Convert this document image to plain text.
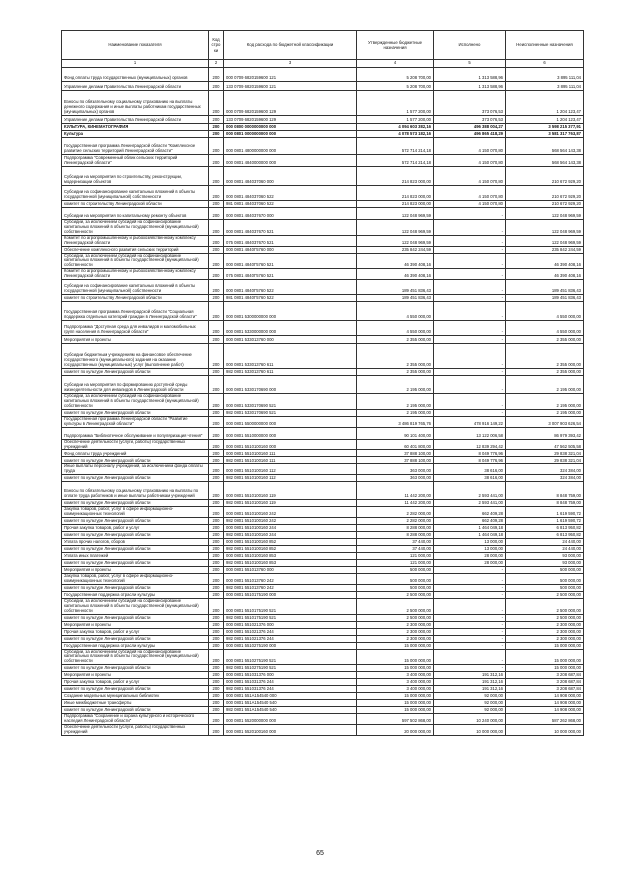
Наименование показателя	Код стро ки	Код расхода по бюджетной классификации	Утвержденные бюджетные назначения	Исполнено	Неисполненные назначения
1	2	3	4	5	6
Фонд оплаты труда государственных (муниципальных) органов	200	000 0709 6820159600 121	5 208 700,00	1 313 588,96	3 895 111,04
Управление делами Правительства Ленинградской области	200	133 0709 6820159600 121	5 208 700,00	1 313 588,96	3 895 111,04
Взносы по обязательному социальному страхованию на выплаты денежного содержания и иные выплаты работникам государственных (муниципальных) органов	200	000 0709 6820159600 129	1 577 200,00	373 076,53	1 204 123,47
Управление делами Правительства Ленинградской области	200	133 0709 6820159600 129	1 577 200,00	373 076,53	1 204 123,47
КУЛЬТУРА, КИНЕМАТОГРАФИЯ	200	000 0800 0000000000 000	4 094 603 382,16	496 388 004,27	3 598 215 377,91
Культура	200	000 0801 0000000000 000	4 078 573 182,16	496 865 418,29	3 581 317 763,87
Государственная программа Ленинградской области "Комплексное развитие сельских территорий Ленинградской области"	200	000 0801 4800000000 000	572 714 214,18	4 150 070,80	568 564 143,38
Подпрограмма "Современный облик сельских территорий Ленинградской области"	200	000 0801 4840000000 000	572 714 214,18	4 150 070,80	568 564 143,38
Субсидии на мероприятия по строительству, реконструкции, модернизации объектов	200	000 0801 484037060 000	214 823 000,00	4 150 070,80	210 672 929,20
Субсидии на софинансирование капитальных вложений в объекты государственной (муниципальной) собственности	200	000 0801 484037060 522	214 823 000,00	4 150 070,80	210 672 929,20
комитет по строительству Ленинградской области	200	981 0801 484037060 522	214 823 000,00	4 150 070,80	210 672 929,20
Субсидии на мероприятия по капитальному ремонту объектов	200	000 0801 484037670 000	122 048 969,59	-	122 048 969,59
Субсидии, за исключением субсидий на софинансирование капитальных вложений в объекты государственной (муниципальной) собственности	200	000 0801 484037670 521	122 048 969,59	-	122 048 969,59
Комитет по агропромышленному и рыбохозяйственному комплексу Ленинградской области	200	075 0801 484037670 521	122 048 969,59	-	122 048 969,59
Обеспечение комплексного развития сельских территорий	200	000 0801 4840Г5760 000	235 842 244,59	-	235 842 244,59
Субсидии, за исключением субсидий на софинансирование капитальных вложений в объекты государственной (муниципальной) собственности	200	000 0801 4840Г5760 521	46 390 408,16	-	46 390 408,16
Комитет по агропромышленному и рыбохозяйственному комплексу Ленинградской области	200	075 0801 4840Г5760 521	46 390 408,16	-	46 390 408,16
Субсидии на софинансирование капитальных вложений в объекты государственной (муниципальной) собственности	200	000 0801 4840Г5760 522	189 451 836,43	-	189 451 836,43
комитет по строительству Ленинградской области	200	981 0801 4840Г5760 522	189 451 836,43	-	189 451 836,43
Государственная программа Ленинградской области "Социальная поддержка отдельных категорий граждан в Ленинградской области"	200	000 0801 5300000000 000	4 550 000,00	-	4 550 000,00
Подпрограмма "Доступная среда для инвалидов и маломобильных групп населения в Ленинградской области"	200	000 0801 5330000000 000	4 550 000,00	-	4 550 000,00
Мероприятия и проекты	200	000 0801 533013760 000	2 355 000,00	-	2 355 000,00
Субсидии бюджетным учреждениям на финансовое обеспечение государственного (муниципального) задания на оказание государственных (муниципальных) услуг (выполнение работ)	200	000 0801 533013760 611	2 355 000,00	-	2 355 000,00
комитет по культуре Ленинградской области	200	982 0801 533013760 611	2 355 000,00	-	2 355 000,00
Субсидии на мероприятия по формированию доступной среды жизнедеятельности для инвалидов в Ленинградской области	200	000 0801 5330170690 000	2 195 000,00	-	2 195 000,00
Субсидии, за исключением субсидий на софинансирование капитальных вложений в объекты государственной (муниципальной) собственности	200	000 0801 5330170690 521	2 195 000,00	-	2 195 000,00
комитет по культуре Ленинградской области	200	982 0801 5330170690 521	2 195 000,00	-	2 195 000,00
Государственная программа Ленинградской области "Развитие культуры в Ленинградской области"	200	000 0801 5500000000 000	3 486 819 765,76	478 916 149,22	3 007 903 626,54
Подпрограмма "Библиотечное обслуживание и популяризация чтения"	200	000 0801 5510000000 000	90 101 400,00	13 122 006,58	86 979 393,42
Обеспечение деятельности (услуги, работы) государственных учреждений	200	000 0801 5510100160 000	60 401 800,00	12 839 294,42	47 562 505,58
Фонд оплаты труда учреждений	200	000 0801 5510100160 111	37 888 100,00	8 049 776,96	29 838 321,04
комитет по культуре Ленинградской области	200	982 0801 5510100160 111	37 888 100,00	8 049 776,96	29 838 321,04
Иные выплаты персоналу учреждений, за исключением фонда оплаты труда	200	000 0801 5510100160 112	363 000,00	38 616,00	324 384,00
комитет по культуре Ленинградской области	200	982 0801 5510100160 112	363 000,00	38 616,00	324 384,00
Взносы по обязательному социальному страхованию на выплаты по оплате труда работников и иные выплаты работникам учреждений	200	000 0801 5510100160 119	11 442 200,00	2 593 441,00	8 848 759,00
комитет по культуре Ленинградской области	200	982 0801 5510100160 119	11 442 200,00	2 593 441,00	8 848 759,00
Закупка товаров, работ, услуг в сфере информационно-коммуникационных технологий	200	000 0801 5510100160 242	2 282 000,00	662 409,28	1 619 590,72
комитет по культуре Ленинградской области	200	982 0801 5510100160 242	2 282 000,00	662 409,28	1 619 590,72
Прочая закупка товаров, работ и услуг	200	000 0801 5510100160 244	8 288 000,00	1 464 049,18	6 813 950,82
комитет по культуре Ленинградской области	200	982 0801 5510100160 244	8 288 000,00	1 464 049,18	6 813 950,82
Уплата прочих налогов, сборов	200	000 0801 5510100160 852	37 440,00	13 000,00	24 440,00
комитет по культуре Ленинградской области	200	982 0801 5510100160 852	37 440,00	13 000,00	24 440,00
Уплата иных платежей	200	000 0801 5510100160 853	121 000,00	28 000,00	93 000,00
комитет по культуре Ленинградской области	200	982 0801 5510100160 853	121 000,00	28 000,00	93 000,00
Мероприятия и проекты	200	000 0801 551013760 000	500 000,00	-	500 000,00
Закупка товаров, работ, услуг в сфере информационно-коммуникационных технологий	200	000 0801 551013760 242	500 000,00	-	500 000,00
комитет по культуре Ленинградской области	200	982 0801 551013760 242	500 000,00	-	500 000,00
Государственная поддержка отрасли культуры	200	000 0801 5510175190 000	2 500 000,00	-	2 500 000,00
Субсидии, за исключением субсидий на софинансирование капитальных вложений в объекты государственной (муниципальной) собственности	200	000 0801 5510175190 521	2 500 000,00	-	2 500 000,00
комитет по культуре Ленинградской области	200	982 0801 5510175190 521	2 500 000,00	-	2 500 000,00
Мероприятия и проекты	200	000 0801 551021376 000	2 300 000,00	-	2 300 000,00
Прочая закупка товаров, работ и услуг	200	000 0801 551021376 244	2 300 000,00	-	2 300 000,00
комитет по культуре Ленинградской области	200	982 0801 551021376 244	2 300 000,00	-	2 300 000,00
Государственная поддержка отрасли культуры	200	000 0801 5510275190 000	15 000 000,00	-	15 000 000,00
Субсидии, за исключением субсидий на софинансирование капитальных вложений в объекты государственной (муниципальной) собственности	200	000 0801 5510275190 521	15 000 000,00	-	15 000 000,00
комитет по культуре Ленинградской области	200	982 0801 5510275190 521	15 000 000,00	-	15 000 000,00
Мероприятия и проекты	200	000 0801 551031376 000	3 400 000,00	191 312,16	3 208 687,84
Прочая закупка товаров, работ и услуг	200	000 0801 551031376 244	3 400 000,00	191 312,16	3 208 687,84
комитет по культуре Ленинградской области	200	982 0801 551031376 244	3 400 000,00	191 312,16	3 208 687,84
Создание модельных муниципальных библиотек	200	000 0801 551A154540 000	15 000 000,00	92 000,00	14 908 000,00
Иные межбюджетные трансферты	200	000 0801 551A154540 540	15 000 000,00	92 000,00	14 908 000,00
комитет по культуре Ленинградской области	200	982 0801 551A154540 540	15 000 000,00	92 000,00	14 908 000,00
Подпрограмма "Сохранение и охрана культурного и исторического наследия Ленинградской области"	200	000 0801 5520000000 000	597 502 868,00	10 240 000,00	587 262 868,00
Обеспечение деятельности (услуги, работы) государственных учреждений	200	000 0801 5520100160 000	20 000 000,00	10 000 000,00	10 000 000,00
65
